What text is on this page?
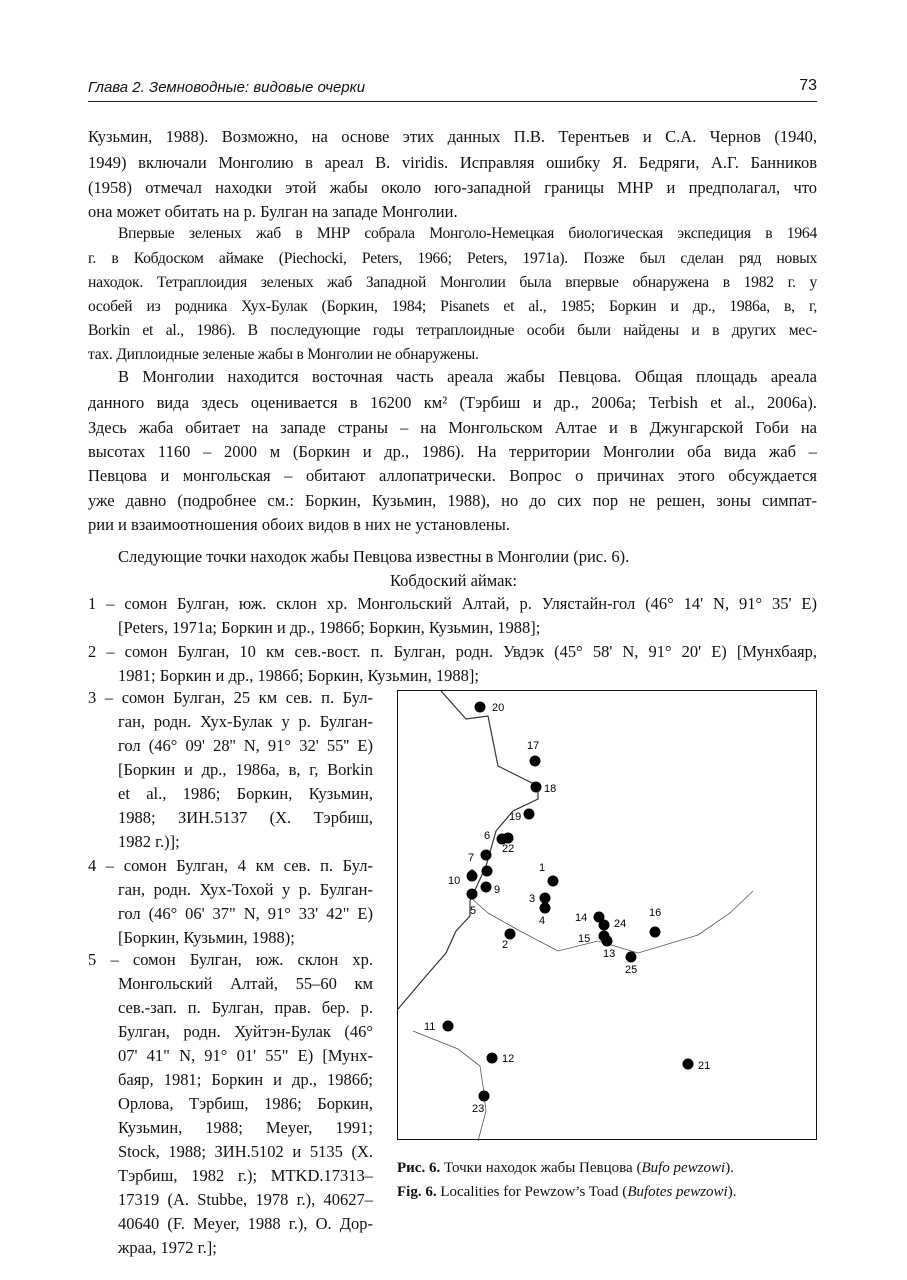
Глава 2. Земноводные: видовые очерки	73
Кузьмин, 1988). Возможно, на основе этих данных П.В. Терентьев и С.А. Чернов (1940,
1949) включали Монголию в ареал B. viridis. Исправляя ошибку Я. Бедряги, А.Г. Банников
(1958) отмечал находки этой жабы около юго-западной границы МНР и предполагал, что
она может обитать на р. Булган на западе Монголии.
Впервые зеленых жаб в МНР собрала Монголо-Немецкая биологическая экспедиция в 1964
г. в Кобдоском аймаке (Piechocki, Peters, 1966; Peters, 1971a). Позже был сделан ряд новых
находок. Тетраплоидия зеленых жаб Западной Монголии была впервые обнаружена в 1982 г. у
особей из родника Хух-Булак (Боркин, 1984; Pisanets et al., 1985; Боркин и др., 1986а, в, г,
Borkin et al., 1986). В последующие годы тетраплоидные особи были найдены и в других мес-
тах. Диплоидные зеленые жабы в Монголии не обнаружены.
В Монголии находится восточная часть ареала жабы Певцова. Общая площадь ареала
данного вида здесь оценивается в 16200 км² (Тэрбиш и др., 2006а; Terbish et al., 2006a).
Здесь жаба обитает на западе страны – на Монгольском Алтае и в Джунгарской Гоби на
высотах 1160 – 2000 м (Боркин и др., 1986). На территории Монголии оба вида жаб –
Певцова и монгольская – обитают аллопатрически. Вопрос о причинах этого обсуждается
уже давно (подробнее см.: Боркин, Кузьмин, 1988), но до сих пор не решен, зоны симпат-
рии и взаимоотношения обоих видов в них не установлены.
Следующие точки находок жабы Певцова известны в Монголии (рис. 6).
Кобдоский аймак:
1 – сомон Булган, юж. склон хр. Монгольский Алтай, р. Улястайн-гол (46° 14' N, 91° 35' E)
[Peters, 1971а; Боркин и др., 1986б; Боркин, Кузьмин, 1988];
2 – сомон Булган, 10 км сев.-вост. п. Булган, родн. Увдэк (45° 58' N, 91° 20' E) [Мунхбаяр,
1981; Боркин и др., 1986б; Боркин, Кузьмин, 1988];
3 – сомон Булган, 25 км сев. п. Бул-
ган, родн. Хух-Булак у р. Булган-
гол (46° 09' 28'' N, 91° 32' 55'' E)
[Боркин и др., 1986а, в, г, Borkin
et al., 1986; Боркин, Кузьмин,
1988; ЗИН.5137 (Х. Тэрбиш,
1982 г.)];
4 – сомон Булган, 4 км сев. п. Бул-
ган, родн. Хух-Тохой у р. Булган-
гол (46° 06' 37" N, 91° 33' 42" E)
[Боркин, Кузьмин, 1988);
5 – сомон Булган, юж. склон хр.
Монгольский Алтай, 55–60 км
сев.-зап. п. Булган, прав. бер. р.
Булган, родн. Хуйтэн-Булак (46°
07' 41" N, 91° 01' 55" E) [Мунх-
баяр, 1981; Боркин и др., 1986б;
Орлова, Тэрбиш, 1986; Боркин,
Кузьмин, 1988; Meyer, 1991;
Stock, 1988; ЗИН.5102 и 5135 (Х.
Тэрбиш, 1982 г.); MTKD.17313–
17319 (A. Stubbe, 1978 г.), 40627–
40640 (F. Meyer, 1988 г.), О. Дор-
жраа, 1972 г.];
1
2
3
4
5
6
7
9
10
11
12
13
14
15
16
17
18
19
20
21
22
23
24
25
Рис. 6. Точки находок жабы Певцова (Bufo pewzowi).
Fig. 6. Localities for Pewzow’s Toad (Bufotes pewzowi).
